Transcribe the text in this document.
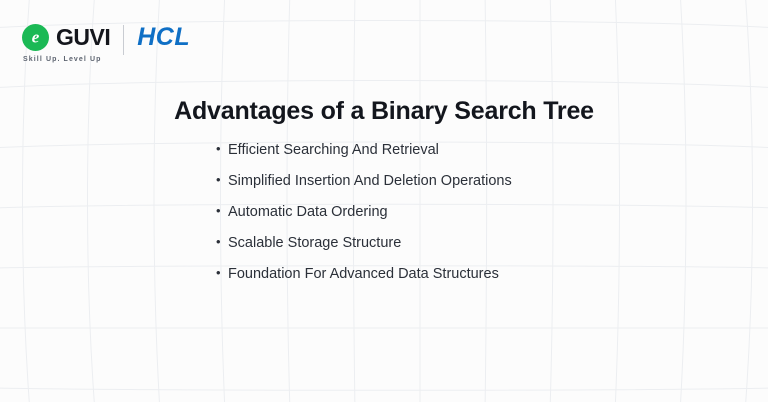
e
GUVI
Skill Up. Level Up
HCL
Advantages of a Binary Search Tree
• Efficient Searching And Retrieval
• Simplified Insertion And Deletion Operations
• Automatic Data Ordering
• Scalable Storage Structure
• Foundation For Advanced Data Structures
